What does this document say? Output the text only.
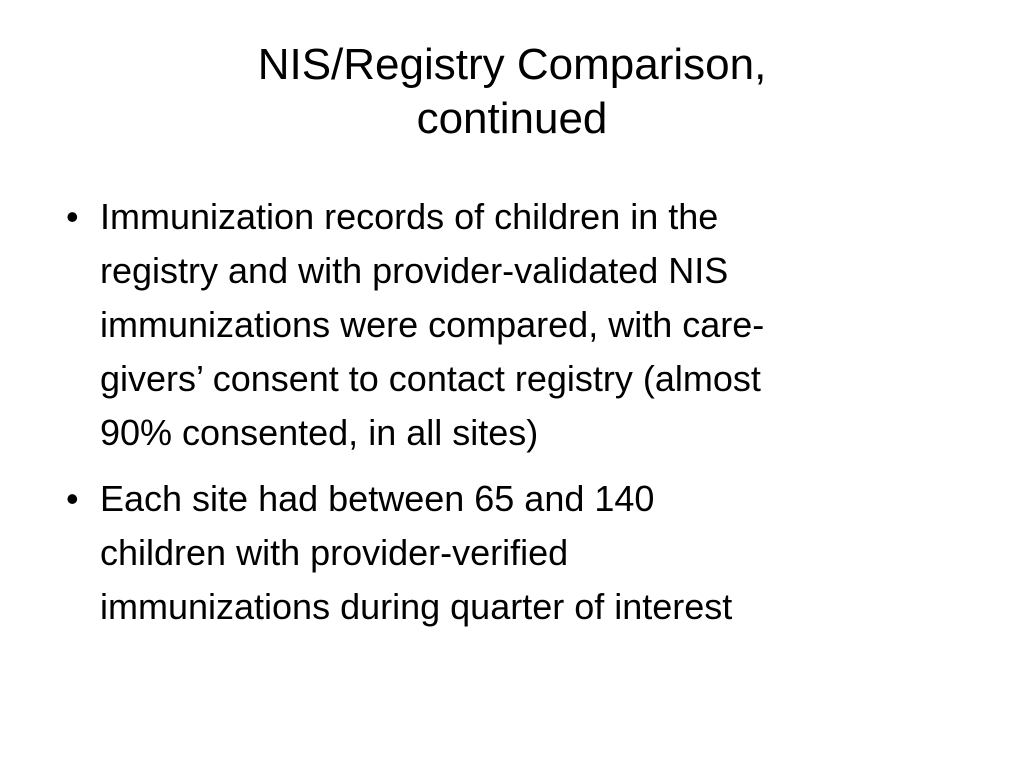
NIS/Registry Comparison,
continued
• Immunization records of children in the
registry and with provider-validated NIS
immunizations were compared, with care-
givers’ consent to contact registry (almost
90% consented, in all sites)
• Each site had between 65 and 140
children with provider-verified
immunizations during quarter of interest
